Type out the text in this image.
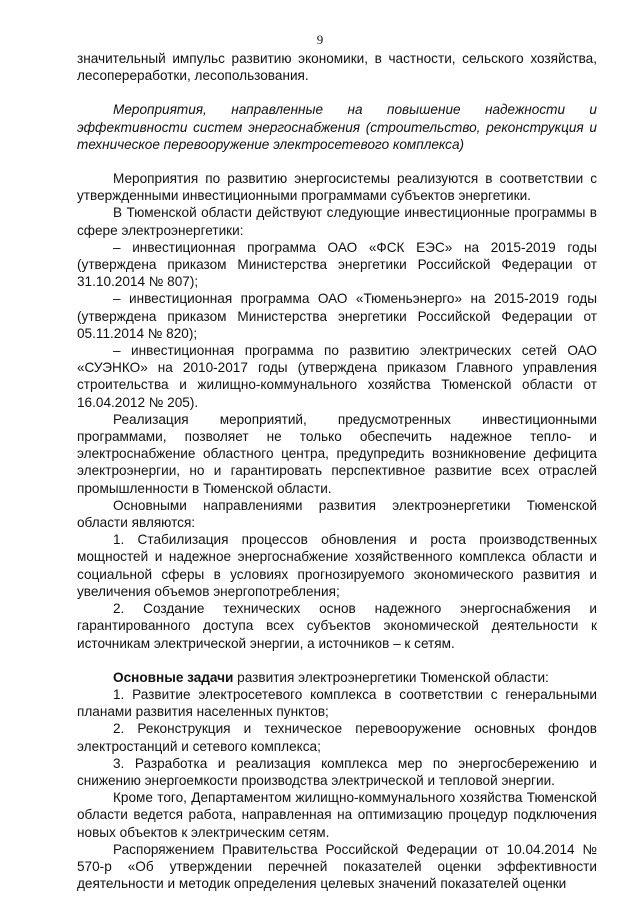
9

значительный импульс развитию экономики, в частности, сельского хозяйства, лесопереработки, лесопользования.

Мероприятия, направленные на повышение надежности и эффективности систем энергоснабжения (строительство, реконструкция и техническое перевооружение электросетевого комплекса)

Мероприятия по развитию энергосистемы реализуются в соответствии с утвержденными инвестиционными программами субъектов энергетики.

В Тюменской области действуют следующие инвестиционные программы в сфере электроэнергетики:

– инвестиционная программа ОАО «ФСК ЕЭС» на 2015-2019 годы (утверждена приказом Министерства энергетики Российской Федерации от 31.10.2014 № 807);

– инвестиционная программа ОАО «Тюменьэнерго» на 2015-2019 годы (утверждена приказом Министерства энергетики Российской Федерации от 05.11.2014 № 820);

– инвестиционная программа по развитию электрических сетей ОАО «СУЭНКО» на 2010-2017 годы (утверждена приказом Главного управления строительства и жилищно-коммунального хозяйства Тюменской области от 16.04.2012 № 205).

Реализация мероприятий, предусмотренных инвестиционными программами, позволяет не только обеспечить надежное тепло- и электроснабжение областного центра, предупредить возникновение дефицита электроэнергии, но и гарантировать перспективное развитие всех отраслей промышленности в Тюменской области.

Основными направлениями развития электроэнергетики Тюменской области являются:

1. Стабилизация процессов обновления и роста производственных мощностей и надежное энергоснабжение хозяйственного комплекса области и социальной сферы в условиях прогнозируемого экономического развития и увеличения объемов энергопотребления;

2. Создание технических основ надежного энергоснабжения и гарантированного доступа всех субъектов экономической деятельности к источникам электрической энергии, а источников – к сетям.

Основные задачи развития электроэнергетики Тюменской области:

1. Развитие электросетевого комплекса в соответствии с генеральными планами развития населенных пунктов;

2. Реконструкция и техническое перевооружение основных фондов электростанций и сетевого комплекса;

3. Разработка и реализация комплекса мер по энергосбережению и снижению энергоемкости производства электрической и тепловой энергии.

Кроме того, Департаментом жилищно-коммунального хозяйства Тюменской области ведется работа, направленная на оптимизацию процедур подключения новых объектов к электрическим сетям.

Распоряжением Правительства Российской Федерации от 10.04.2014 № 570-р «Об утверждении перечней показателей оценки эффективности деятельности и методик определения целевых значений показателей оценки
